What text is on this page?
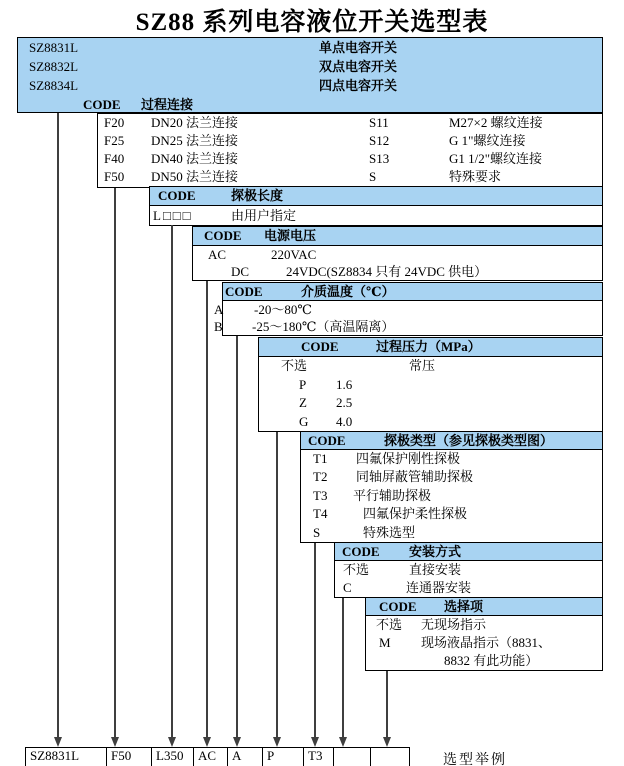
SZ88 系列电容液位开关选型表
SZ8831L	单点电容开关
SZ8832L	双点电容开关
SZ8834L	四点电容开关
CODE 过程连接
F20 DN20 法兰连接	S11	M27×2 螺纹连接
F25 DN25 法兰连接	S12	G 1"螺纹连接
F40 DN40 法兰连接	S13	G1 1/2"螺纹连接
F50 DN50 法兰连接	S	特殊要求
CODE	探极长度
L□□□	由用户指定
CODE 电源电压
AC	220VAC
DC	24VDC(SZ8834 只有 24VDC 供电）
CODE	介质温度（℃）
A -20～80℃
B -25～180℃（高温隔离）
CODE	过程压力（MPa）
不选	常压
P 1.6
Z 2.5
G 4.0
CODE	探极类型（参见探极类型图）
T1 四氟保护刚性探极
T2 同轴屏蔽管辅助探极
T3 平行辅助探极
T4	四氟保护柔性探极
S	特殊选型
CODE 安装方式
不选	直接安装
C	连通器安装
CODE 选择项
不选 无现场指示
M 现场液晶指示（8831、
8832 有此功能）
SZ8831L	F50	L350	AC	A	P	T3	选型举例
